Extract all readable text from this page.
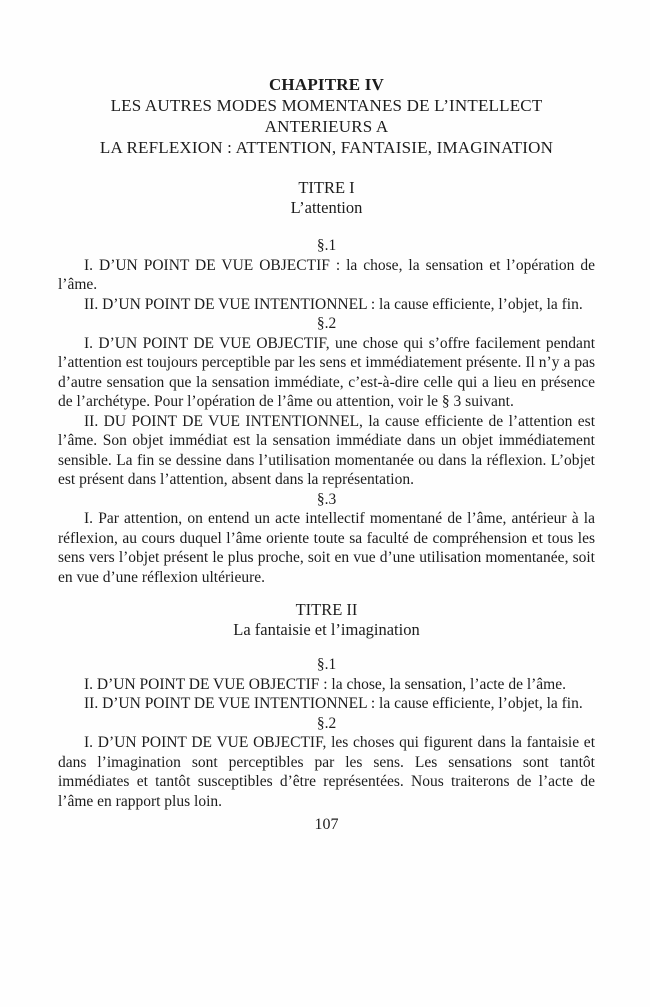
CHAPITRE IV
LES AUTRES MODES MOMENTANES DE L’INTELLECT
ANTERIEURS A
LA REFLEXION : ATTENTION, FANTAISIE, IMAGINATION
TITRE I
L’attention
§.1

I. D’UN POINT DE VUE OBJECTIF : la chose, la sensation et l’opération de l’âme.

II. D’UN POINT DE VUE INTENTIONNEL : la cause efficiente, l’objet, la fin.

§.2

I. D’UN POINT DE VUE OBJECTIF, une chose qui s’offre facilement pendant l’attention est toujours perceptible par les sens et immédiatement présente. Il n’y a pas d’autre sensation que la sensation immédiate, c’est-à-dire celle qui a lieu en présence de l’archétype. Pour l’opération de l’âme ou attention, voir le § 3 suivant.

II. DU POINT DE VUE INTENTIONNEL, la cause efficiente de l’attention est l’âme. Son objet immédiat est la sensation immédiate dans un objet immédiatement sensible. La fin se dessine dans l’utilisation momentanée ou dans la réflexion. L’objet est présent dans l’attention, absent dans la représentation.

§.3

I. Par attention, on entend un acte intellectif momentané de l’âme, antérieur à la réflexion, au cours duquel l’âme oriente toute sa faculté de compréhension et tous les sens vers l’objet présent le plus proche, soit en vue d’une utilisation momentanée, soit en vue d’une réflexion ultérieure.

TITRE II
La fantaisie et l’imagination
§.1

I. D’UN POINT DE VUE OBJECTIF : la chose, la sensation, l’acte de l’âme.

II. D’UN POINT DE VUE INTENTIONNEL : la cause efficiente, l’objet, la fin.

§.2

I. D’UN POINT DE VUE OBJECTIF, les choses qui figurent dans la fantaisie et dans l’imagination sont perceptibles par les sens. Les sensations sont tantôt immédiates et tantôt susceptibles d’être représentées. Nous traiterons de l’acte de l’âme en rapport plus loin.

107
